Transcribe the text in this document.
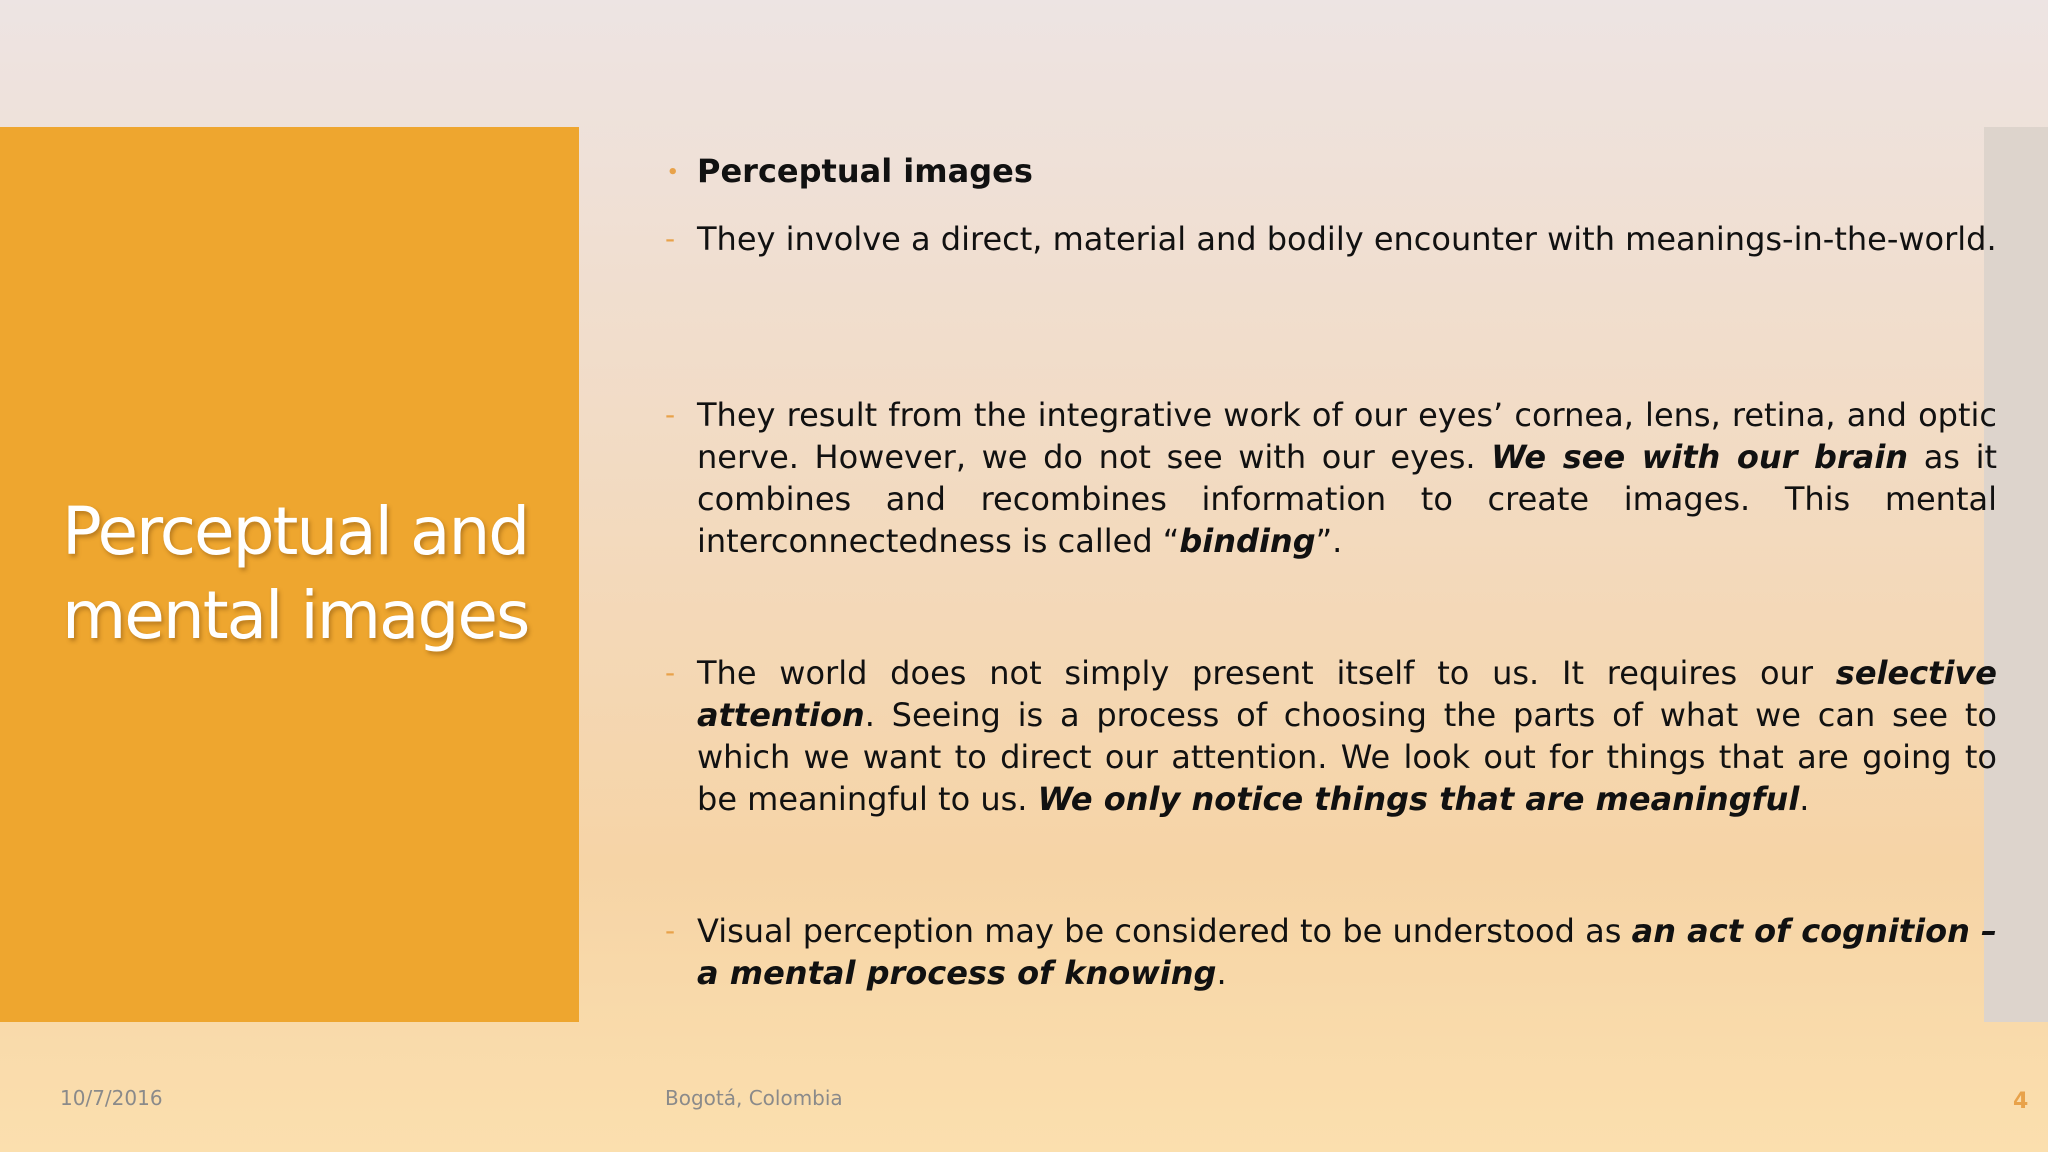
Perceptual and
mental images
• Perceptual images
- They involve a direct, material and bodily encounter with meanings-in-the-world.
- They result from the integrative work of our eyes’ cornea, lens, retina, and optic nerve. However, we do not see with our eyes. We see with our brain as it combines and recombines information to create images. This mental interconnectedness is called “binding”.
- The world does not simply present itself to us. It requires our selective attention. Seeing is a process of choosing the parts of what we can see to which we want to direct our attention. We look out for things that are going to be meaningful to us. We only notice things that are meaningful.
- Visual perception may be considered to be understood as an act of cognition – a mental process of knowing.
10/7/2016	Bogotá, Colombia	4
